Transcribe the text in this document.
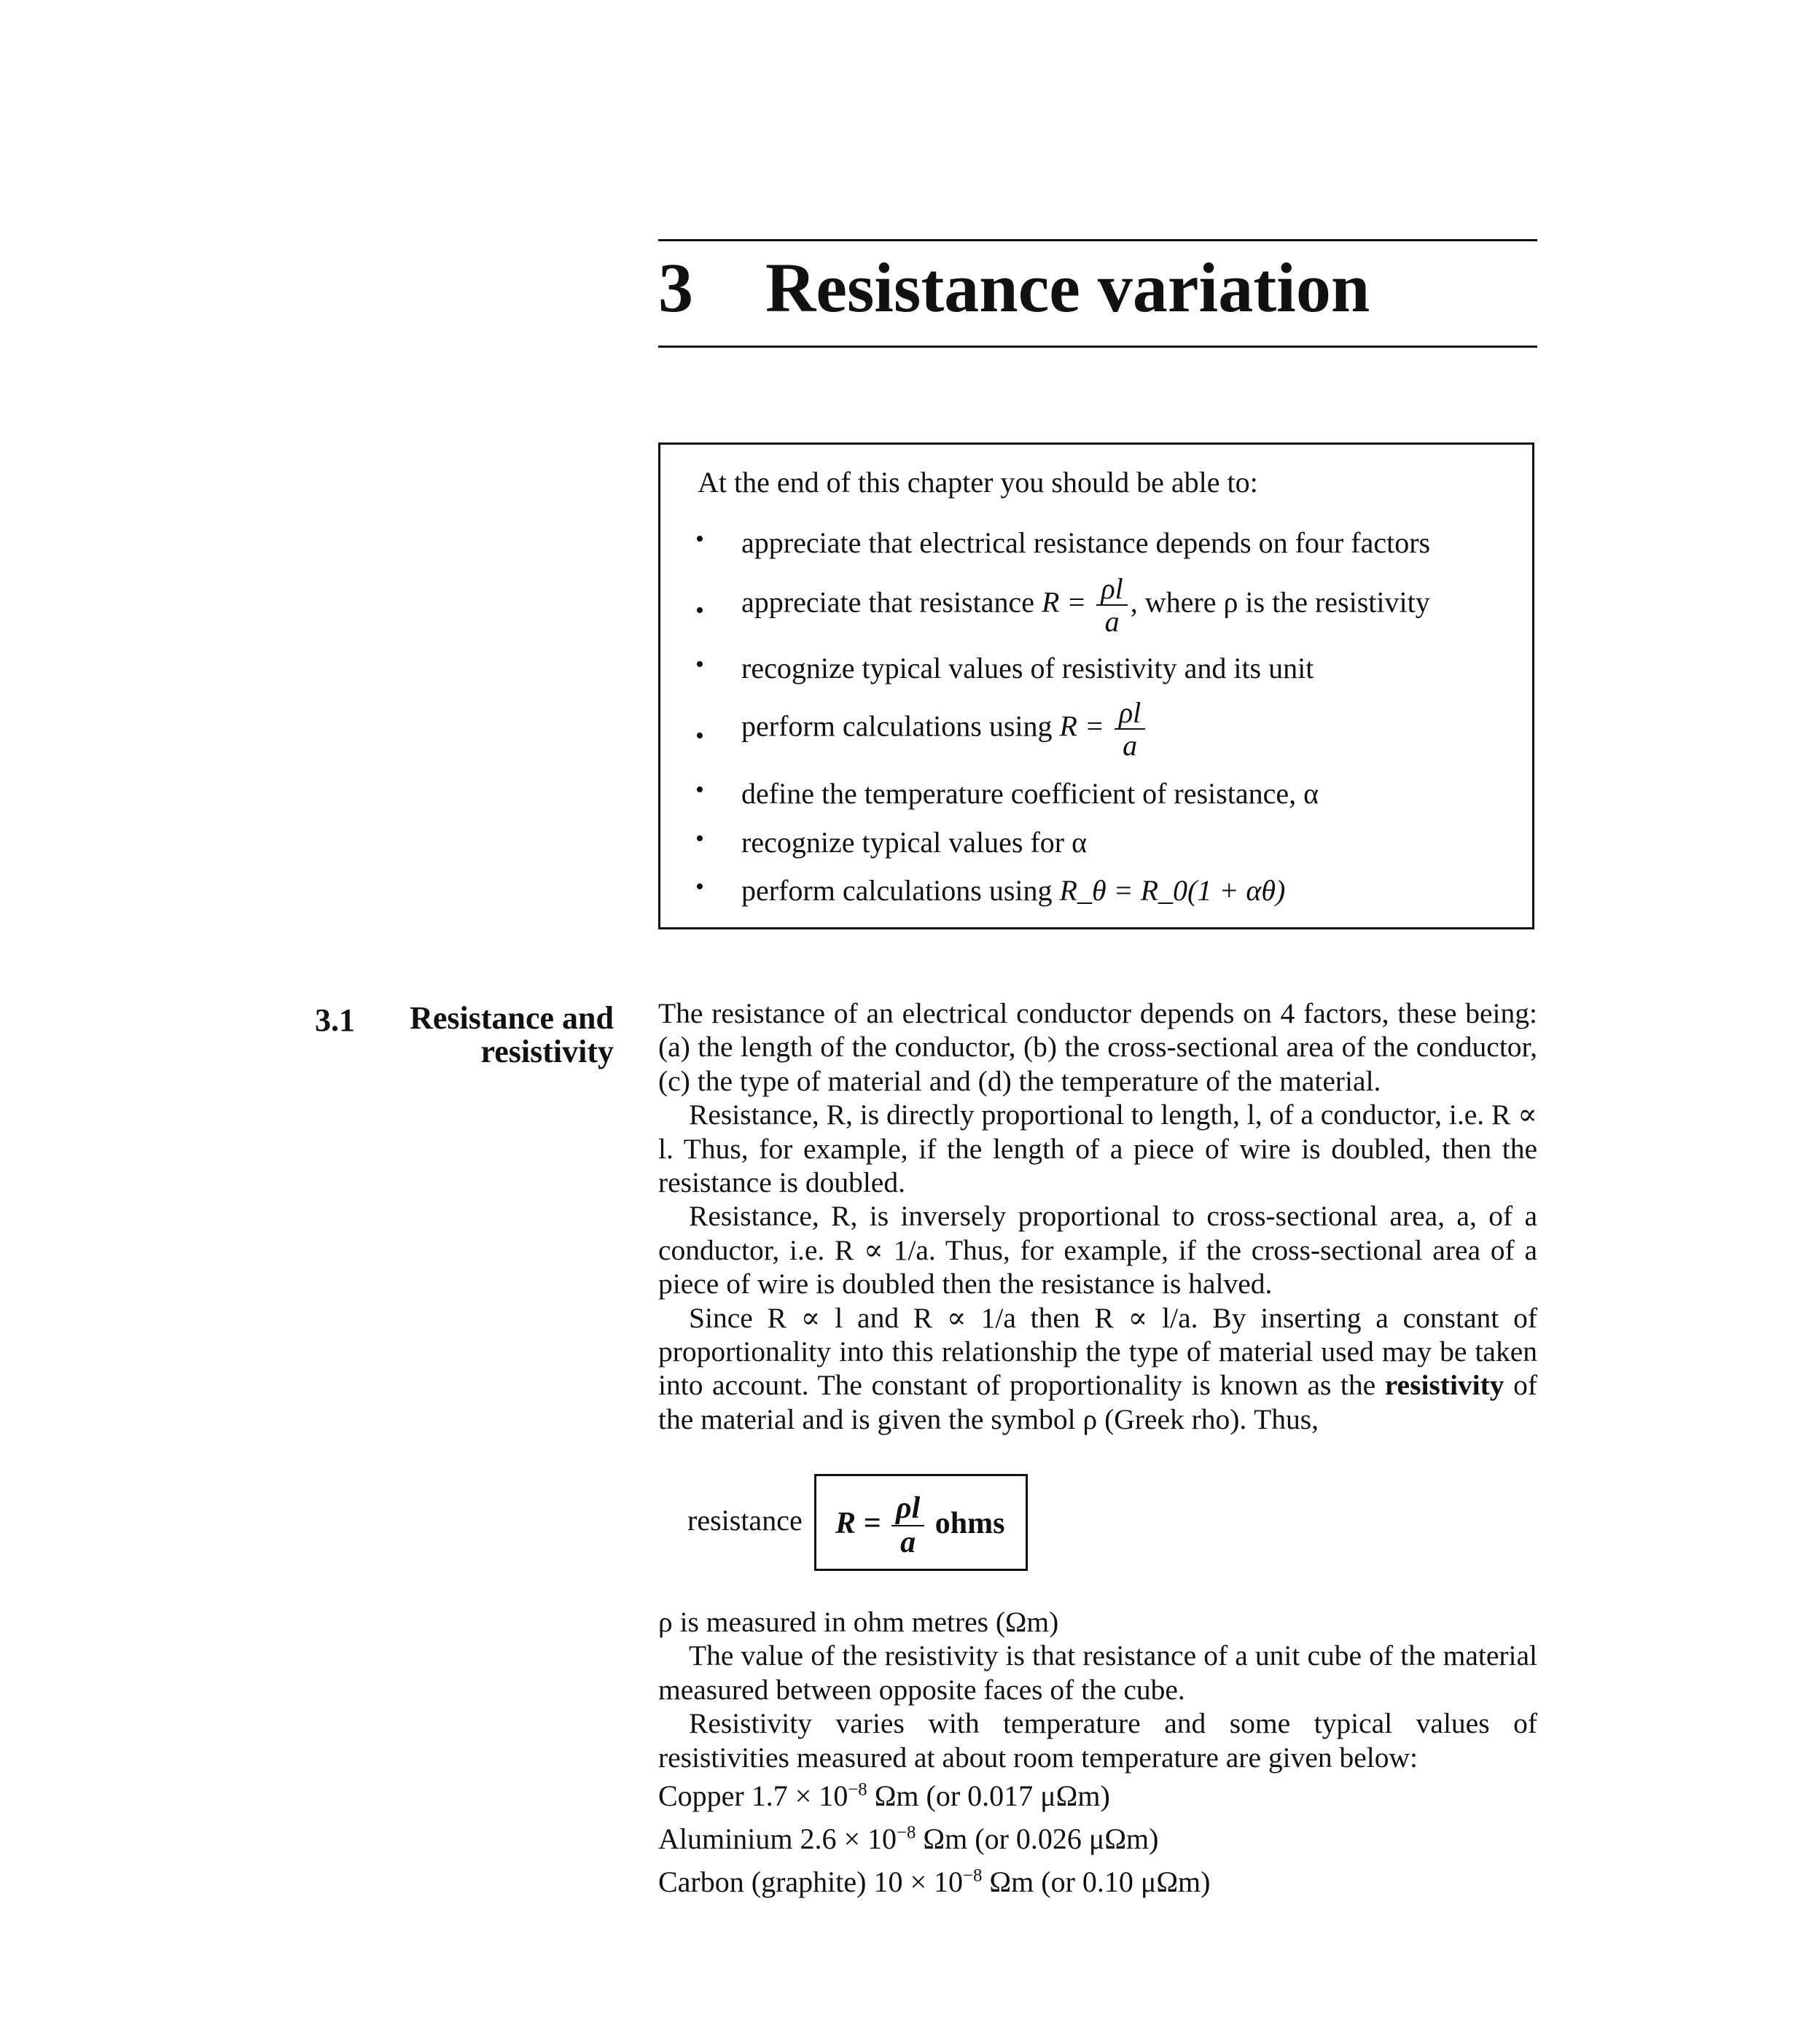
3 Resistance variation
At the end of this chapter you should be able to:
• appreciate that electrical resistance depends on four factors
• appreciate that resistance $R = \frac{\rho l}{a}$ , where ρ is the resistivity
• recognize typical values of resistivity and its unit
• perform calculations using $R = \frac{\rho l}{a}$
• define the temperature coefficient of resistance, α
• recognize typical values for α
• perform calculations using R_θ = R_0(1 + αθ)
3.1	Resistance and
resistivity

The resistance of an electrical conductor depends on 4 factors, these being: (a) the length of the conductor, (b) the cross-sectional area of the conductor, (c) the type of material and (d) the temperature of the material.

Resistance, R, is directly proportional to length, l, of a conductor, i.e. R ∝ l. Thus, for example, if the length of a piece of wire is doubled, then the resistance is doubled.

Resistance, R, is inversely proportional to cross-sectional area, a, of a conductor, i.e. R ∝ 1/a. Thus, for example, if the cross-sectional area of a piece of wire is doubled then the resistance is halved.

Since R ∝ l and R ∝ 1/a then R ∝ l/a. By inserting a constant of proportionality into this relationship the type of material used may be taken into account. The constant of proportionality is known as the resistivity of the material and is given the symbol ρ (Greek rho). Thus,

resistance $R = \frac{\rho l}{a}$ ohms

ρ is measured in ohm metres (Ωm)

The value of the resistivity is that resistance of a unit cube of the material measured between opposite faces of the cube.

Resistivity varies with temperature and some typical values of resistivities measured at about room temperature are given below:

Copper $1.7 \times 10^{-8}$ Ωm (or 0.017 μΩm)
Aluminium $2.6 \times 10^{-8}$ Ωm (or 0.026 μΩm)
Carbon (graphite) $10 \times 10^{-8}$ Ωm (or 0.10 μΩm)
